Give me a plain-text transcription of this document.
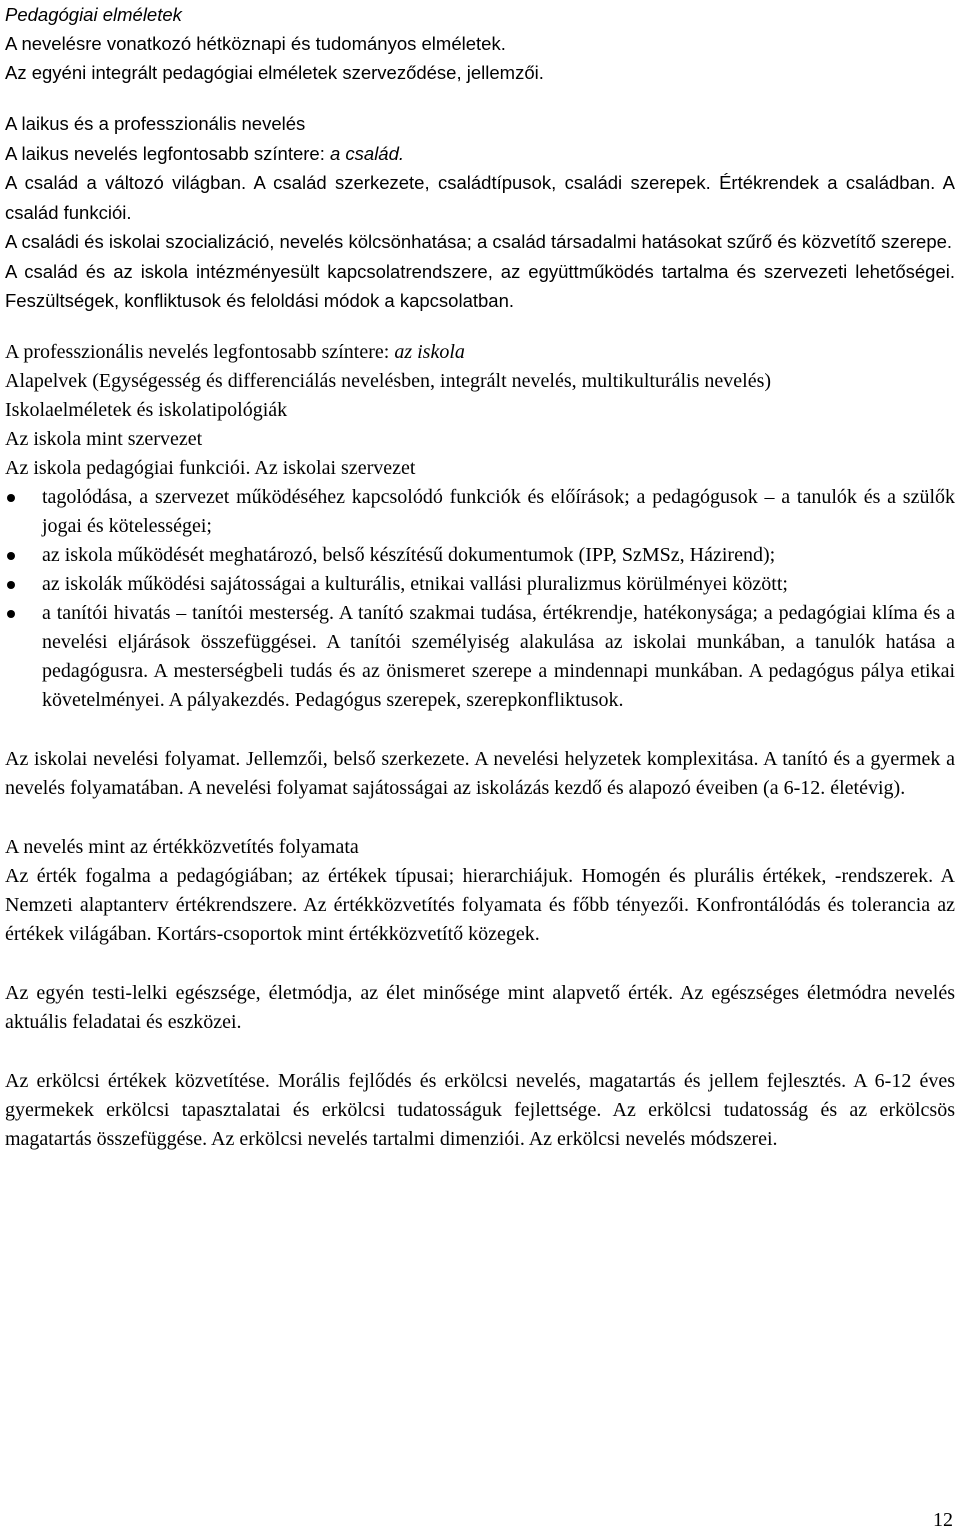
Pedagógiai elméletek

A nevelésre vonatkozó hétköznapi és tudományos elméletek.

Az egyéni integrált pedagógiai elméletek szerveződése, jellemzői.

A laikus és a professzionális nevelés

A laikus nevelés legfontosabb színtere: a család.

A család a változó világban. A család szerkezete, családtípusok, családi szerepek. Értékrendek a családban. A család funkciói.

A családi és iskolai szocializáció, nevelés kölcsönhatása; a család társadalmi hatásokat szűrő és közvetítő szerepe.

A család és az iskola intézményesült kapcsolatrendszere, az együttműködés tartalma és szervezeti lehetőségei. Feszültségek, konfliktusok és feloldási módok a kapcsolatban.

A professzionális nevelés legfontosabb színtere: az iskola

Alapelvek (Egységesség és differenciálás nevelésben, integrált nevelés, multikulturális nevelés)

Iskolaelméletek és iskolatipológiák

Az iskola mint szervezet

Az iskola pedagógiai funkciói. Az iskolai szervezet

tagolódása, a szervezet működéséhez kapcsolódó funkciók és előírások; a pedagógusok – a tanulók és a szülők jogai és kötelességei;
az iskola működését meghatározó, belső készítésű dokumentumok (IPP, SzMSz, Házirend);
az iskolák működési sajátosságai a kulturális, etnikai vallási pluralizmus körülményei között;
a tanítói hivatás – tanítói mesterség. A tanító szakmai tudása, értékrendje, hatékonysága; a pedagógiai klíma és a nevelési eljárások összefüggései. A tanítói személyiség alakulása az iskolai munkában, a tanulók hatása a pedagógusra. A mesterségbeli tudás és az önismeret szerepe a mindennapi munkában. A pedagógus pálya etikai követelményei. A pályakezdés. Pedagógus szerepek, szerepkonfliktusok.

Az iskolai nevelési folyamat. Jellemzői, belső szerkezete. A nevelési helyzetek komplexitása. A tanító és a gyermek a nevelés folyamatában. A nevelési folyamat sajátosságai az iskolázás kezdő és alapozó éveiben (a 6-12. életévig).

A nevelés mint az értékközvetítés folyamata

Az érték fogalma a pedagógiában; az értékek típusai; hierarchiájuk. Homogén és plurális értékek, -rendszerek. A Nemzeti alaptanterv értékrendszere. Az értékközvetítés folyamata és főbb tényezői. Konfrontálódás és tolerancia az értékek világában. Kortárs-csoportok mint értékközvetítő közegek.

Az egyén testi-lelki egészsége, életmódja, az élet minősége mint alapvető érték. Az egészséges életmódra nevelés aktuális feladatai és eszközei.

Az erkölcsi értékek közvetítése. Morális fejlődés és erkölcsi nevelés, magatartás és jellem fejlesztés. A 6-12 éves gyermekek erkölcsi tapasztalatai és erkölcsi tudatosságuk fejlettsége. Az erkölcsi tudatosság és az erkölcsös magatartás összefüggése. Az erkölcsi nevelés tartalmi dimenziói. Az erkölcsi nevelés módszerei.

12
